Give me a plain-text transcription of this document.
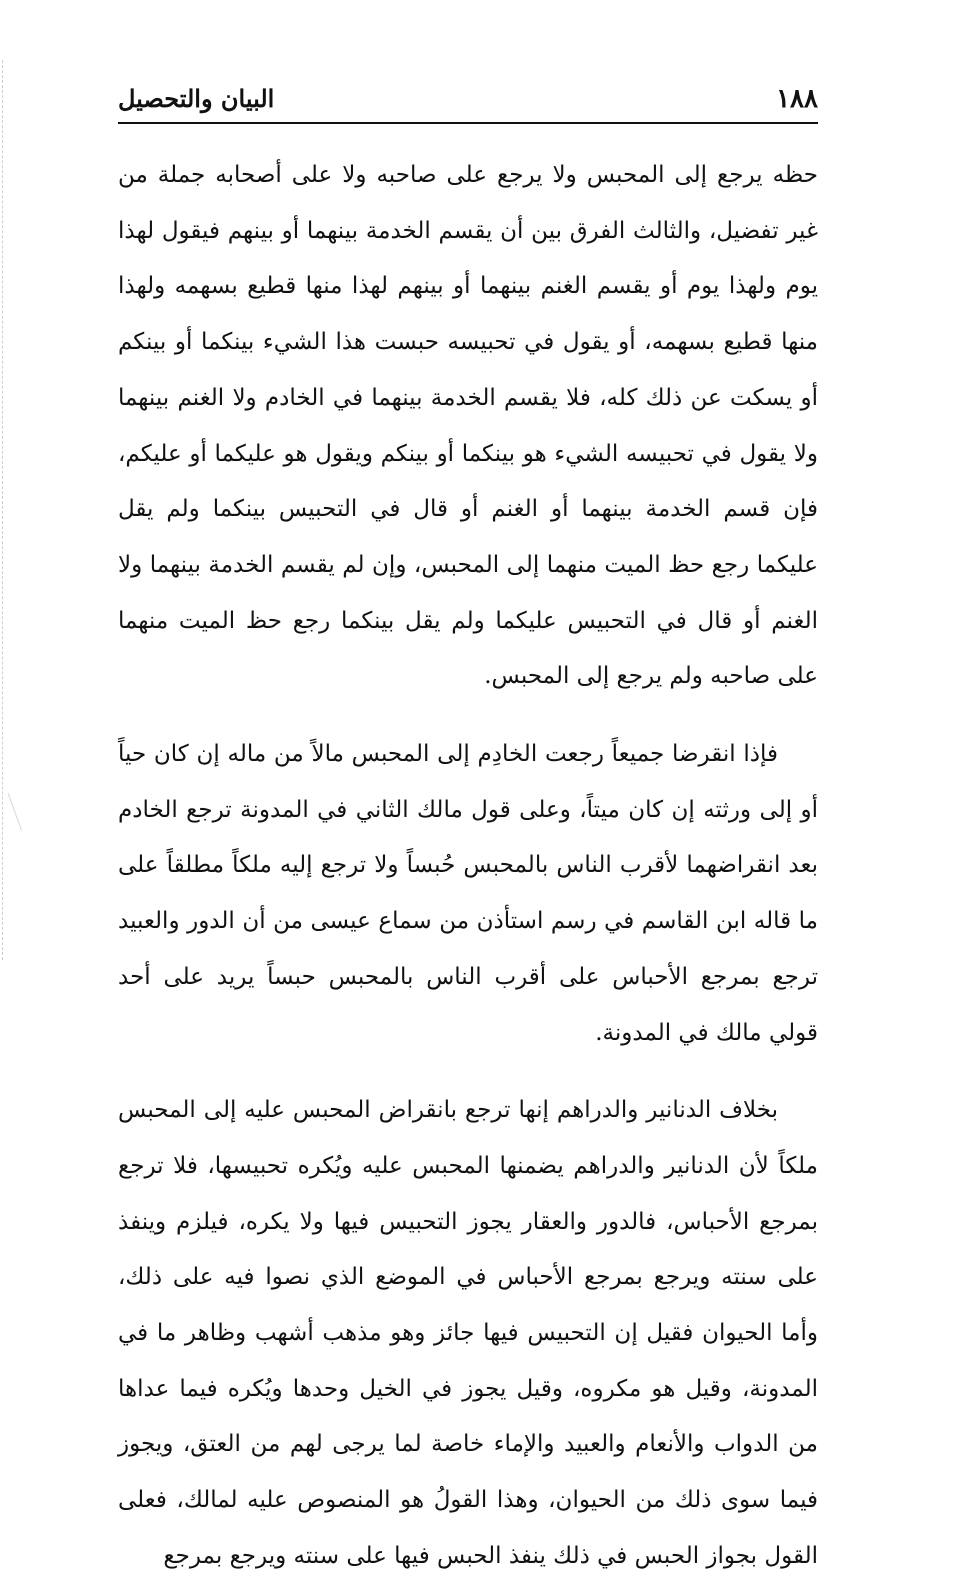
١٨٨
البيان والتحصيل

حظه يرجع إلى المحبس ولا يرجع على صاحبه ولا على أصحابه جملة من غير تفضيل، والثالث الفرق بين أن يقسم الخدمة بينهما أو بينهم فيقول لهذا يوم ولهذا يوم أو يقسم الغنم بينهما أو بينهم لهذا منها قطيع بسهمه ولهذا منها قطيع بسهمه، أو يقول في تحبيسه حبست هذا الشيء بينكما أو بينكم أو يسكت عن ذلك كله، فلا يقسم الخدمة بينهما في الخادم ولا الغنم بينهما ولا يقول في تحبيسه الشيء هو بينكما أو بينكم ويقول هو عليكما أو عليكم، فإن قسم الخدمة بينهما أو الغنم أو قال في التحبيس بينكما ولم يقل عليكما رجع حظ الميت منهما إلى المحبس، وإن لم يقسم الخدمة بينهما ولا الغنم أو قال في التحبيس عليكما ولم يقل بينكما رجع حظ الميت منهما على صاحبه ولم يرجع إلى المحبس.

فإذا انقرضا جميعاً رجعت الخادِم إلى المحبس مالاً من ماله إن كان حياً أو إلى ورثته إن كان ميتاً، وعلى قول مالك الثاني في المدونة ترجع الخادم بعد انقراضهما لأقرب الناس بالمحبس حُبساً ولا ترجع إليه ملكاً مطلقاً على ما قاله ابن القاسم في رسم استأذن من سماع عيسى من أن الدور والعبيد ترجع بمرجع الأحباس على أقرب الناس بالمحبس حبساً يريد على أحد قولي مالك في المدونة.

بخلاف الدنانير والدراهم إنها ترجع بانقراض المحبس عليه إلى المحبس ملكاً لأن الدنانير والدراهم يضمنها المحبس عليه ويُكره تحبيسها، فلا ترجع بمرجع الأحباس، فالدور والعقار يجوز التحبيس فيها ولا يكره، فيلزم وينفذ على سنته ويرجع بمرجع الأحباس في الموضع الذي نصوا فيه على ذلك، وأما الحيوان فقيل إن التحبيس فيها جائز وهو مذهب أشهب وظاهر ما في المدونة، وقيل هو مكروه، وقيل يجوز في الخيل وحدها ويُكره فيما عداها من الدواب والأنعام والعبيد والإماء خاصة لما يرجى لهم من العتق، ويجوز فيما سوى ذلك من الحيوان، وهذا القولُ هو المنصوص عليه لمالك، فعلى القول بجواز الحبس في ذلك ينفذ الحبس فيها على سنته ويرجع بمرجع
